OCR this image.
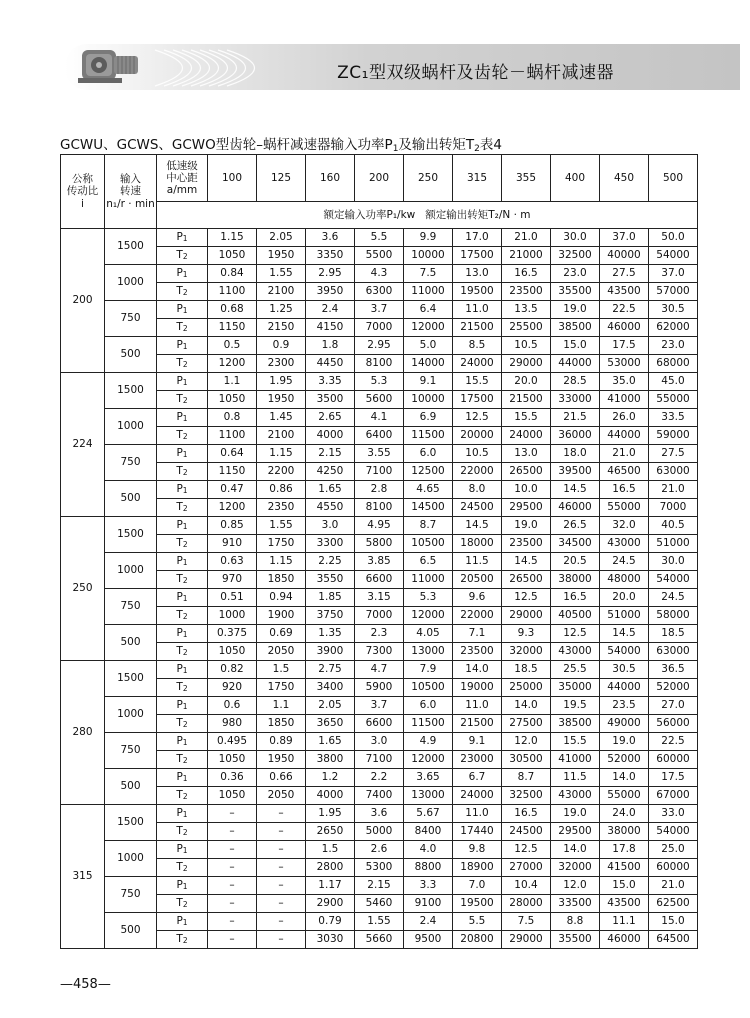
ZC₁型双级蜗杆及齿轮－蜗杆减速器
GCWU、GCWS、GCWO型齿轮–蜗杆减速器输入功率$P_1$及输出转矩$T_2$表4
公称
传动比
i	输入
转速
n₁/r · min	低速级
中心距
a/mm	100	125	160	200	250	315	355	400	450	500
		额定输入功率P₁/kw   额定输出转矩T₂/N · m										
200	1500	$P_1$	1.15	2.05	3.6	5.5	9.9	17.0	21.0	30.0	37.0	50.0
		$T_2$	1050	1950	3350	5500	10000	17500	21000	32500	40000	54000
	1000	$P_1$	0.84	1.55	2.95	4.3	7.5	13.0	16.5	23.0	27.5	37.0
		$T_2$	1100	2100	3950	6300	11000	19500	23500	35500	43500	57000
	750	$P_1$	0.68	1.25	2.4	3.7	6.4	11.0	13.5	19.0	22.5	30.5
		$T_2$	1150	2150	4150	7000	12000	21500	25500	38500	46000	62000
	500	$P_1$	0.5	0.9	1.8	2.95	5.0	8.5	10.5	15.0	17.5	23.0
		$T_2$	1200	2300	4450	8100	14000	24000	29000	44000	53000	68000
224	1500	$P_1$	1.1	1.95	3.35	5.3	9.1	15.5	20.0	28.5	35.0	45.0
		$T_2$	1050	1950	3500	5600	10000	17500	21500	33000	41000	55000
	1000	$P_1$	0.8	1.45	2.65	4.1	6.9	12.5	15.5	21.5	26.0	33.5
		$T_2$	1100	2100	4000	6400	11500	20000	24000	36000	44000	59000
	750	$P_1$	0.64	1.15	2.15	3.55	6.0	10.5	13.0	18.0	21.0	27.5
		$T_2$	1150	2200	4250	7100	12500	22000	26500	39500	46500	63000
	500	$P_1$	0.47	0.86	1.65	2.8	4.65	8.0	10.0	14.5	16.5	21.0
		$T_2$	1200	2350	4550	8100	14500	24500	29500	46000	55000	7000
250	1500	$P_1$	0.85	1.55	3.0	4.95	8.7	14.5	19.0	26.5	32.0	40.5
		$T_2$	910	1750	3300	5800	10500	18000	23500	34500	43000	51000
	1000	$P_1$	0.63	1.15	2.25	3.85	6.5	11.5	14.5	20.5	24.5	30.0
		$T_2$	970	1850	3550	6600	11000	20500	26500	38000	48000	54000
	750	$P_1$	0.51	0.94	1.85	3.15	5.3	9.6	12.5	16.5	20.0	24.5
		$T_2$	1000	1900	3750	7000	12000	22000	29000	40500	51000	58000
	500	$P_1$	0.375	0.69	1.35	2.3	4.05	7.1	9.3	12.5	14.5	18.5
		$T_2$	1050	2050	3900	7300	13000	23500	32000	43000	54000	63000
280	1500	$P_1$	0.82	1.5	2.75	4.7	7.9	14.0	18.5	25.5	30.5	36.5
		$T_2$	920	1750	3400	5900	10500	19000	25000	35000	44000	52000
	1000	$P_1$	0.6	1.1	2.05	3.7	6.0	11.0	14.0	19.5	23.5	27.0
		$T_2$	980	1850	3650	6600	11500	21500	27500	38500	49000	56000
	750	$P_1$	0.495	0.89	1.65	3.0	4.9	9.1	12.0	15.5	19.0	22.5
		$T_2$	1050	1950	3800	7100	12000	23000	30500	41000	52000	60000
	500	$P_1$	0.36	0.66	1.2	2.2	3.65	6.7	8.7	11.5	14.0	17.5
		$T_2$	1050	2050	4000	7400	13000	24000	32500	43000	55000	67000
315	1500	$P_1$	–	–	1.95	3.6	5.67	11.0	16.5	19.0	24.0	33.0
		$T_2$	–	–	2650	5000	8400	17440	24500	29500	38000	54000
	1000	$P_1$	–	–	1.5	2.6	4.0	9.8	12.5	14.0	17.8	25.0
		$T_2$	–	–	2800	5300	8800	18900	27000	32000	41500	60000
	750	$P_1$	–	–	1.17	2.15	3.3	7.0	10.4	12.0	15.0	21.0
		$T_2$	–	–	2900	5460	9100	19500	28000	33500	43500	62500
	500	$P_1$	–	–	0.79	1.55	2.4	5.5	7.5	8.8	11.1	15.0
		$T_2$	–	–	3030	5660	9500	20800	29000	35500	46000	64500
—458—
